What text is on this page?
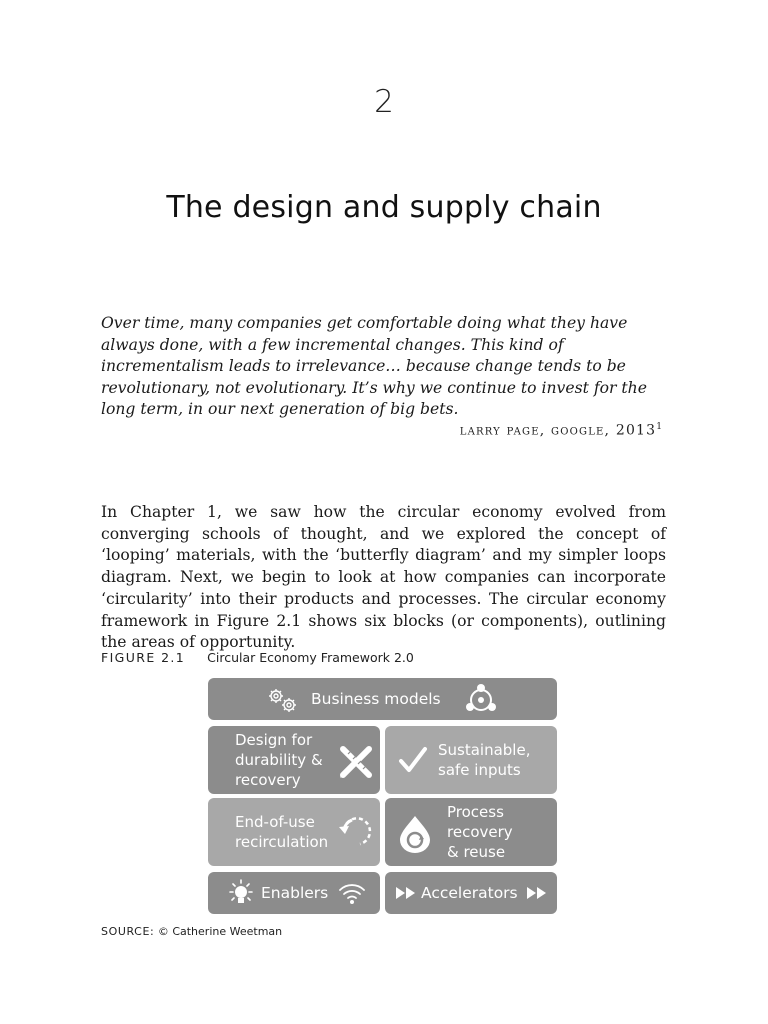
2
The design and supply chain
Over time, many companies get comfortable doing what they have always done, with a few incremental changes. This kind of incrementalism leads to irrelevance… because change tends to be revolutionary, not evolutionary. It’s why we continue to invest for the long term, in our next generation of big bets.
larry page, google, 2013$^1$
In Chapter 1, we saw how the circular economy evolved from converging schools of thought, and we explored the concept of ‘looping’ materials, with the ‘butterfly diagram’ and my simpler loops diagram. Next, we begin to look at how companies can incorporate ‘circularity’ into their products and processes. The circular economy framework in Figure 2.1 shows six blocks (or components), outlining the areas of opportunity.
FIGURE 2.1 Circular Economy Framework 2.0
Business models
Design for
durability &
recovery
Sustainable,
safe inputs
End-of-use
recirculation
Process
recovery
& reuse
Enablers	Accelerators
SOURCE: © Catherine Weetman
